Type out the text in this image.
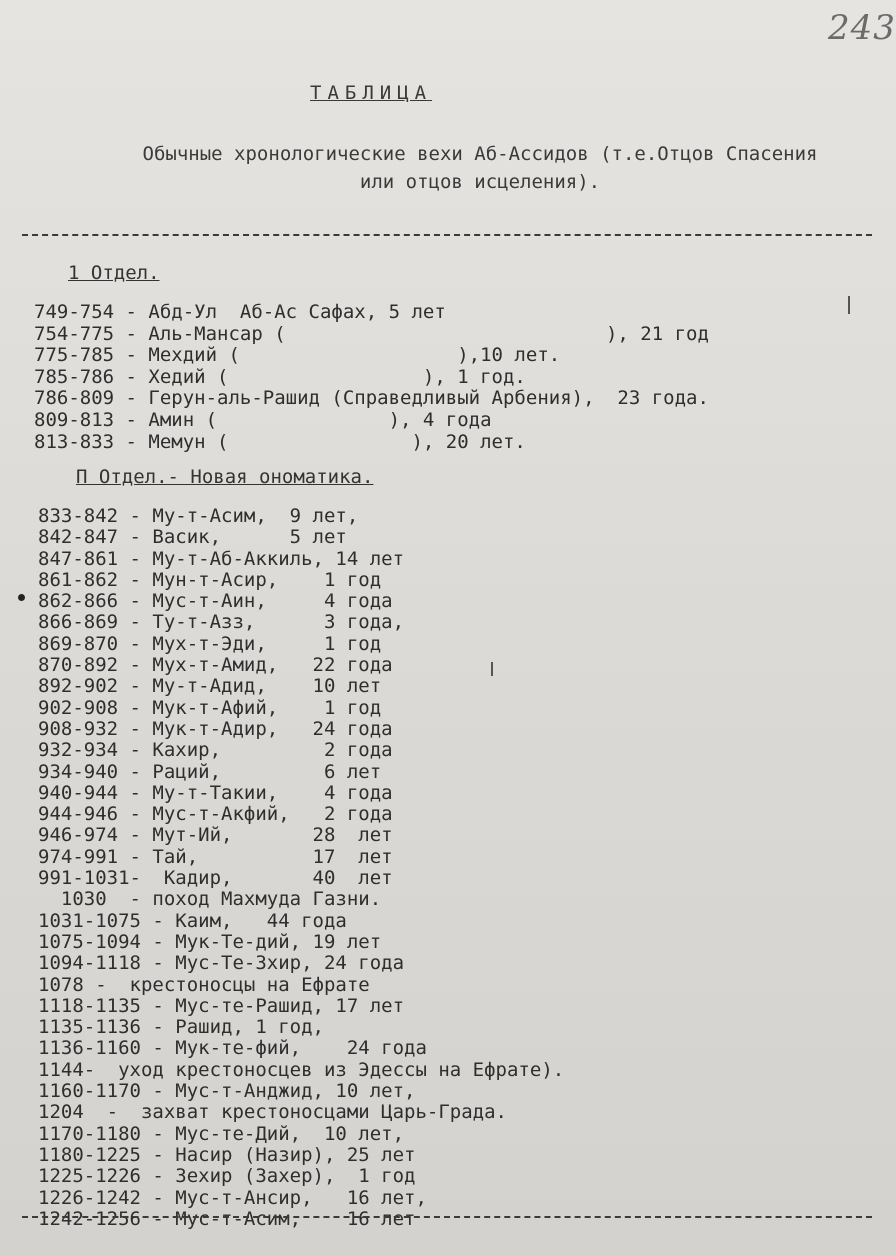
243
ТАБЛИЦА
Обычные хронологические вехи Аб-Ассидов (т.е.Отцов Спасения или отцов исцеления).
1 Отдел.
749-754 - Абд-Ул  Аб-Ас Сафах, 5 лет
754-775 - Аль-Мансар (                            ), 21 год
775-785 - Мехдий (                   ),10 лет.
785-786 - Хедий (                 ), 1 год.
786-809 - Герун-аль-Рашид (Справедливый Арбения),  23 года.
809-813 - Амин (               ), 4 года
813-833 - Мемун (                ), 20 лет.
П Отдел.- Новая ономатика.
833-842 - Му-т-Асим,  9 лет,
842-847 - Васик,      5 лет
847-861 - Му-т-Аб-Аккиль, 14 лет
861-862 - Мун-т-Асир,    1 год
862-866 - Мус-т-Аин,     4 года
866-869 - Ту-т-Азз,      3 года,
869-870 - Мух-т-Эди,     1 год
870-892 - Мух-т-Амид,   22 года
892-902 - Му-т-Адид,    10 лет
902-908 - Мук-т-Афий,    1 год
908-932 - Мук-т-Адир,   24 года
932-934 - Кахир,         2 года
934-940 - Раций,         6 лет
940-944 - Му-т-Такии,    4 года
944-946 - Мус-т-Акфий,   2 года
946-974 - Мут-Ий,       28  лет
974-991 - Тай,          17  лет
991-1031-  Кадир,       40  лет
1030  - поход Махмуда Газни.
1031-1075 - Каим,   44 года
1075-1094 - Мук-Те-дий, 19 лет
1094-1118 - Мус-Те-Зхир, 24 года
1078 -  крестоносцы на Ефрате
1118-1135 - Мус-те-Рашид, 17 лет
1135-1136 - Рашид, 1 год,
1136-1160 - Мук-те-фий,    24 года
1144-  уход крестоносцев из Эдессы на Ефрате).
1160-1170 - Мус-т-Анджид, 10 лет,
1204  -  захват крестоносцами Царь-Града.
1170-1180 - Мус-те-Дий,  10 лет,
1180-1225 - Насир (Назир), 25 лет
1225-1226 - Зехир (Захер),  1 год
1226-1242 - Мус-т-Ансир,   16 лет,
1242-1256 - Мус-т-Асим,    16 лет
